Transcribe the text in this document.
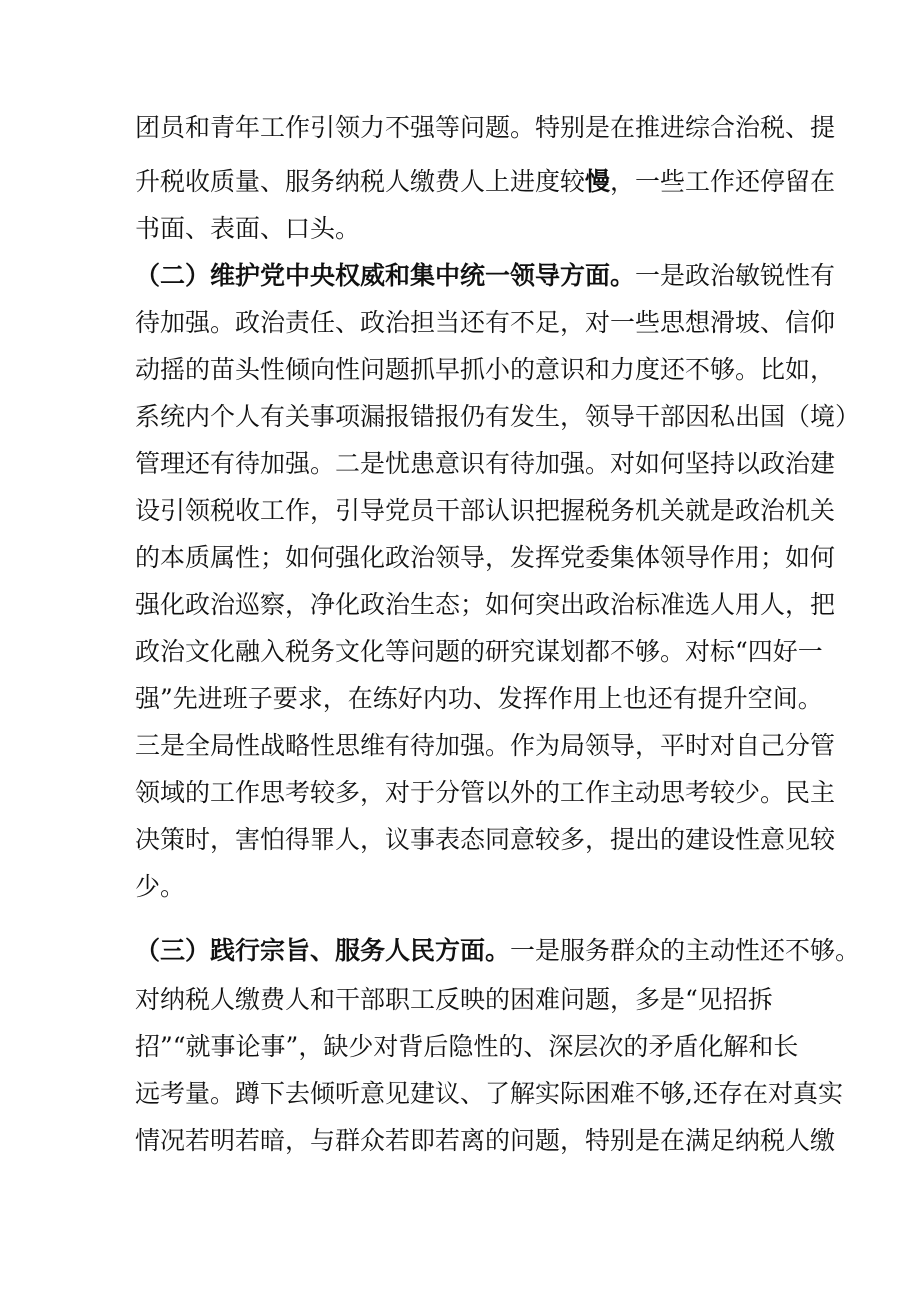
团员和青年工作引领力不强等问题。特别是在推进综合治税、提
升税收质量、服务纳税人缴费人上进度较慢，一些工作还停留在
书面、表面、口头。
（二）维护党中央权威和集中统一领导方面。一是政治敏锐性有
待加强。政治责任、政治担当还有不足，对一些思想滑坡、信仰
动摇的苗头性倾向性问题抓早抓小的意识和力度还不够。比如，
系统内个人有关事项漏报错报仍有发生，领导干部因私出国（境）
管理还有待加强。二是忧患意识有待加强。对如何坚持以政治建
设引领税收工作，引导党员干部认识把握税务机关就是政治机关
的本质属性；如何强化政治领导，发挥党委集体领导作用；如何
强化政治巡察，净化政治生态；如何突出政治标准选人用人，把
政治文化融入税务文化等问题的研究谋划都不够。对标“四好一
强”先进班子要求，在练好内功、发挥作用上也还有提升空间。
三是全局性战略性思维有待加强。作为局领导，平时对自己分管
领域的工作思考较多，对于分管以外的工作主动思考较少。民主
决策时，害怕得罪人，议事表态同意较多，提出的建设性意见较
少。
（三）践行宗旨、服务人民方面。一是服务群众的主动性还不够。
对纳税人缴费人和干部职工反映的困难问题，多是“见招拆
招”“就事论事”，缺少对背后隐性的、深层次的矛盾化解和长
远考量。蹲下去倾听意见建议、了解实际困难不够,还存在对真实
情况若明若暗，与群众若即若离的问题，特别是在满足纳税人缴
